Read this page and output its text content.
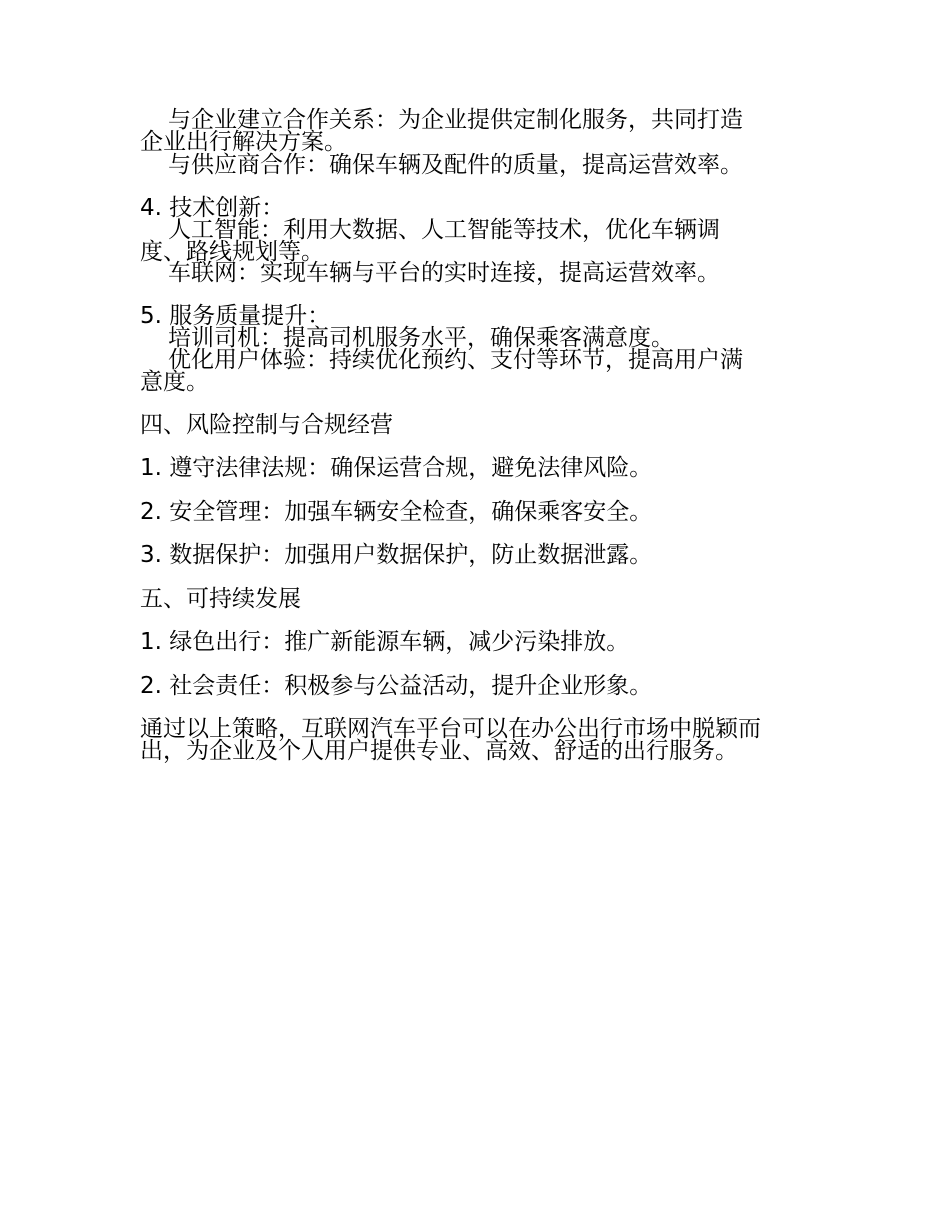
与企业建立合作关系：为企业提供定制化服务，共同打造

企业出行解决方案。

与供应商合作：确保车辆及配件的质量，提高运营效率。

4. 技术创新：

人工智能：利用大数据、人工智能等技术，优化车辆调

度、路线规划等。

车联网：实现车辆与平台的实时连接，提高运营效率。

5. 服务质量提升：

培训司机：提高司机服务水平，确保乘客满意度。

优化用户体验：持续优化预约、支付等环节，提高用户满

意度。

四、风险控制与合规经营

1. 遵守法律法规：确保运营合规，避免法律风险。

2. 安全管理：加强车辆安全检查，确保乘客安全。

3. 数据保护：加强用户数据保护，防止数据泄露。

五、可持续发展

1. 绿色出行：推广新能源车辆，减少污染排放。

2. 社会责任：积极参与公益活动，提升企业形象。

通过以上策略，互联网汽车平台可以在办公出行市场中脱颖而

出，为企业及个人用户提供专业、高效、舒适的出行服务。
